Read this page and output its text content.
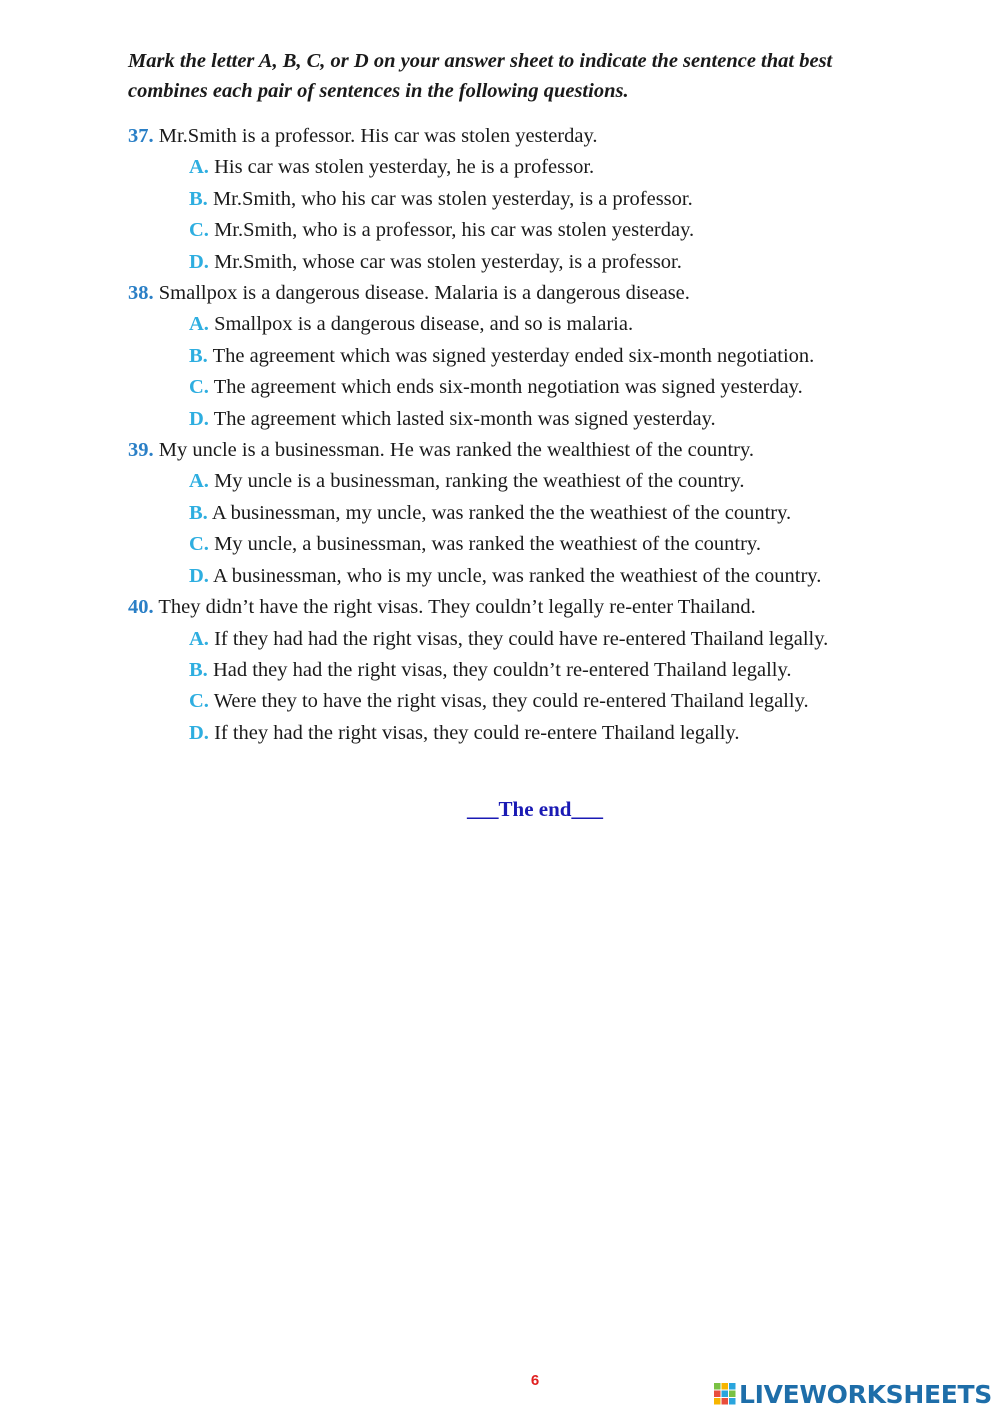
Mark the letter A, B, C, or D on your answer sheet to indicate the sentence that best combines each pair of sentences in the following questions.

37. Mr.Smith is a professor. His car was stolen yesterday.
A. His car was stolen yesterday, he is a professor.
B. Mr.Smith, who his car was stolen yesterday, is a professor.
C. Mr.Smith, who is a professor, his car was stolen yesterday.
D. Mr.Smith, whose car was stolen yesterday, is a professor.
38. Smallpox is a dangerous disease. Malaria is a dangerous disease.
A. Smallpox is a dangerous disease, and so is malaria.
B. The agreement which was signed yesterday ended six-month negotiation.
C. The agreement which ends six-month negotiation was signed yesterday.
D. The agreement which lasted six-month was signed yesterday.
39. My uncle is a businessman. He was ranked the wealthiest of the country.
A. My uncle is a businessman, ranking the weathiest of the country.
B. A businessman, my uncle, was ranked the the weathiest of the country.
C. My uncle, a businessman, was ranked the weathiest of the country.
D. A businessman, who is my uncle, was ranked the weathiest of the country.
40. They didn’t have the right visas. They couldn’t legally re-enter Thailand.
A. If they had had the right visas, they could have re-entered Thailand legally.
B. Had they had the right visas, they couldn’t re-entered Thailand legally.
C. Were they to have the right visas, they could re-entered Thailand legally.
D. If they had the right visas, they could re-entere Thailand legally.
___The end___
6	LIVEWORKSHEETS
